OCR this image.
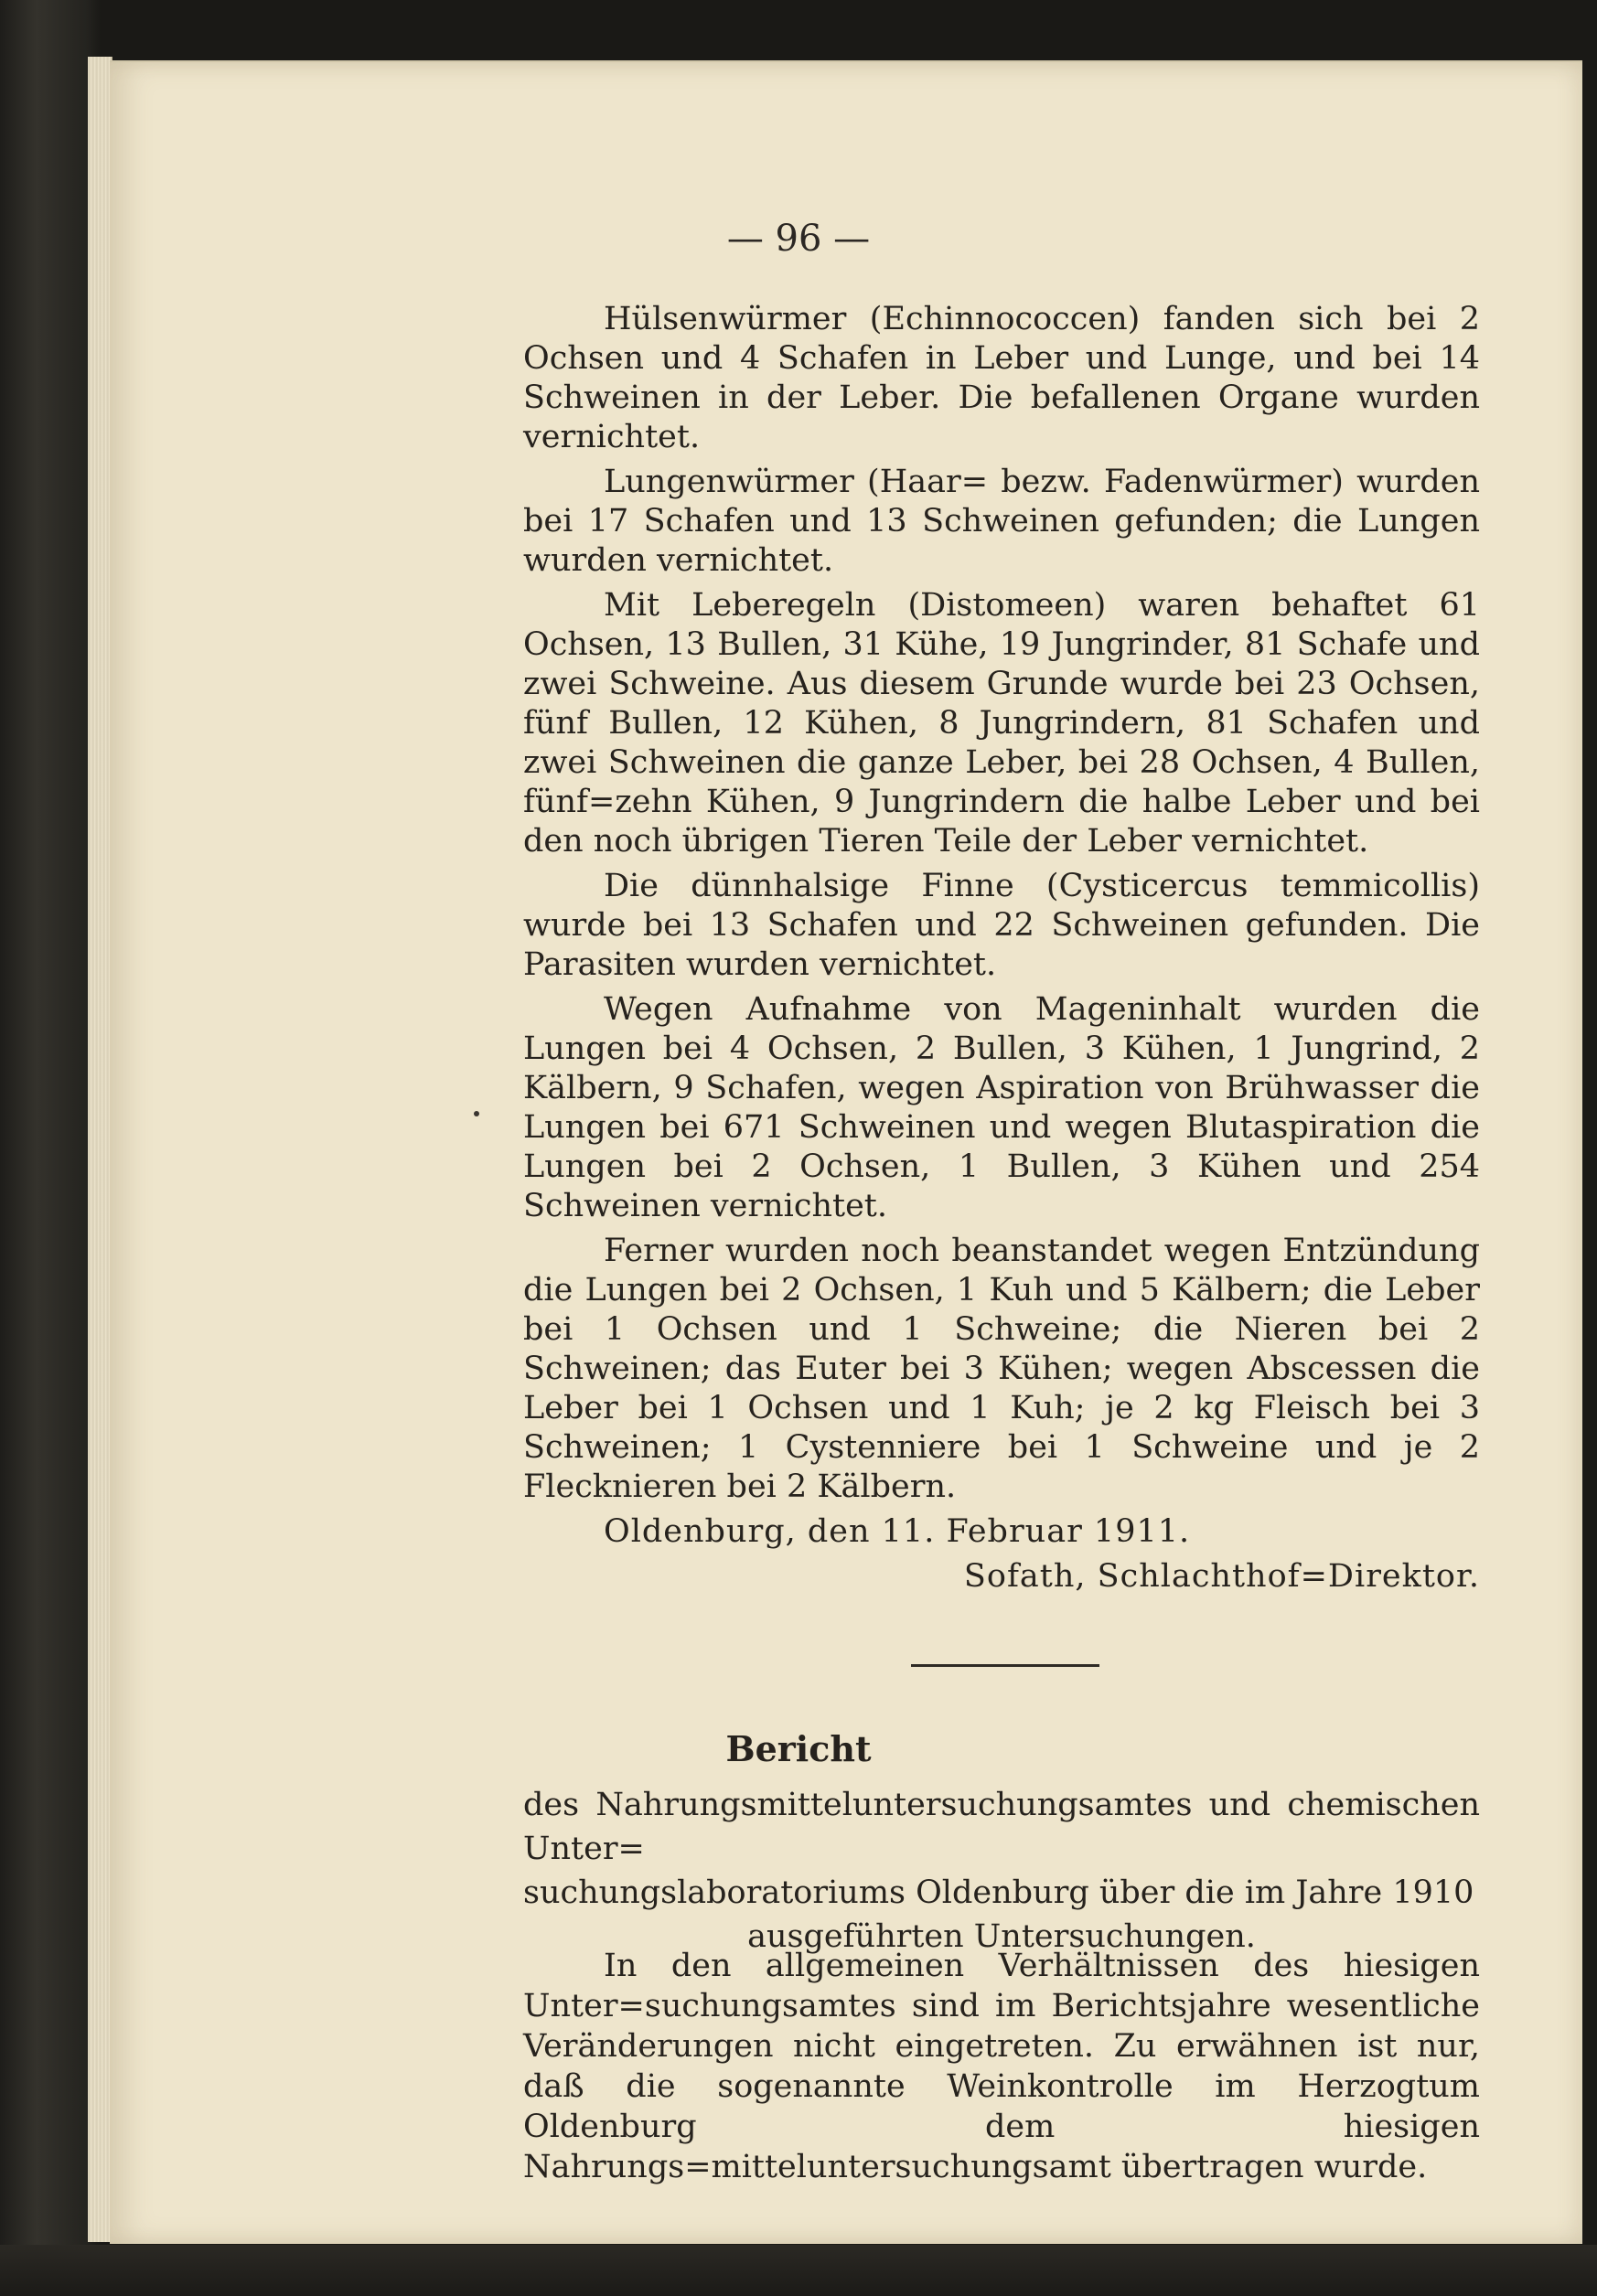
— 96 —

Hülsenwürmer (Echinnococcen) fanden sich bei 2 Ochsen und 4 Schafen in Leber und Lunge, und bei 14 Schweinen in der Leber. Die befallenen Organe wurden vernichtet.

Lungenwürmer (Haar= bezw. Fadenwürmer) wurden bei 17 Schafen und 13 Schweinen gefunden; die Lungen wurden vernichtet.

Mit Leberegeln (Distomeen) waren behaftet 61 Ochsen, 13 Bullen, 31 Kühe, 19 Jungrinder, 81 Schafe und zwei Schweine. Aus diesem Grunde wurde bei 23 Ochsen, fünf Bullen, 12 Kühen, 8 Jungrindern, 81 Schafen und zwei Schweinen die ganze Leber, bei 28 Ochsen, 4 Bullen, fünf=zehn Kühen, 9 Jungrindern die halbe Leber und bei den noch übrigen Tieren Teile der Leber vernichtet.

Die dünnhalsige Finne (Cysticercus temmicollis) wurde bei 13 Schafen und 22 Schweinen gefunden. Die Parasiten wurden vernichtet.

Wegen Aufnahme von Mageninhalt wurden die Lungen bei 4 Ochsen, 2 Bullen, 3 Kühen, 1 Jungrind, 2 Kälbern, 9 Schafen, wegen Aspiration von Brühwasser die Lungen bei 671 Schweinen und wegen Blutaspiration die Lungen bei 2 Ochsen, 1 Bullen, 3 Kühen und 254 Schweinen vernichtet.

Ferner wurden noch beanstandet wegen Entzündung die Lungen bei 2 Ochsen, 1 Kuh und 5 Kälbern; die Leber bei 1 Ochsen und 1 Schweine; die Nieren bei 2 Schweinen; das Euter bei 3 Kühen; wegen Abscessen die Leber bei 1 Ochsen und 1 Kuh; je 2 kg Fleisch bei 3 Schweinen; 1 Cystenniere bei 1 Schweine und je 2 Flecknieren bei 2 Kälbern.

Oldenburg, den 11. Februar 1911.

Sofath, Schlachthof=Direktor.

Bericht
des Nahrungsmitteluntersuchungsamtes und chemischen Unter=
suchungslaboratoriums Oldenburg über die im Jahre 1910
ausgeführten Untersuchungen.
In den allgemeinen Verhältnissen des hiesigen Unter=suchungsamtes sind im Berichtsjahre wesentliche Veränderungen nicht eingetreten. Zu erwähnen ist nur, daß die sogenannte Weinkontrolle im Herzogtum Oldenburg dem hiesigen Nahrungs=mitteluntersuchungsamt übertragen wurde.
